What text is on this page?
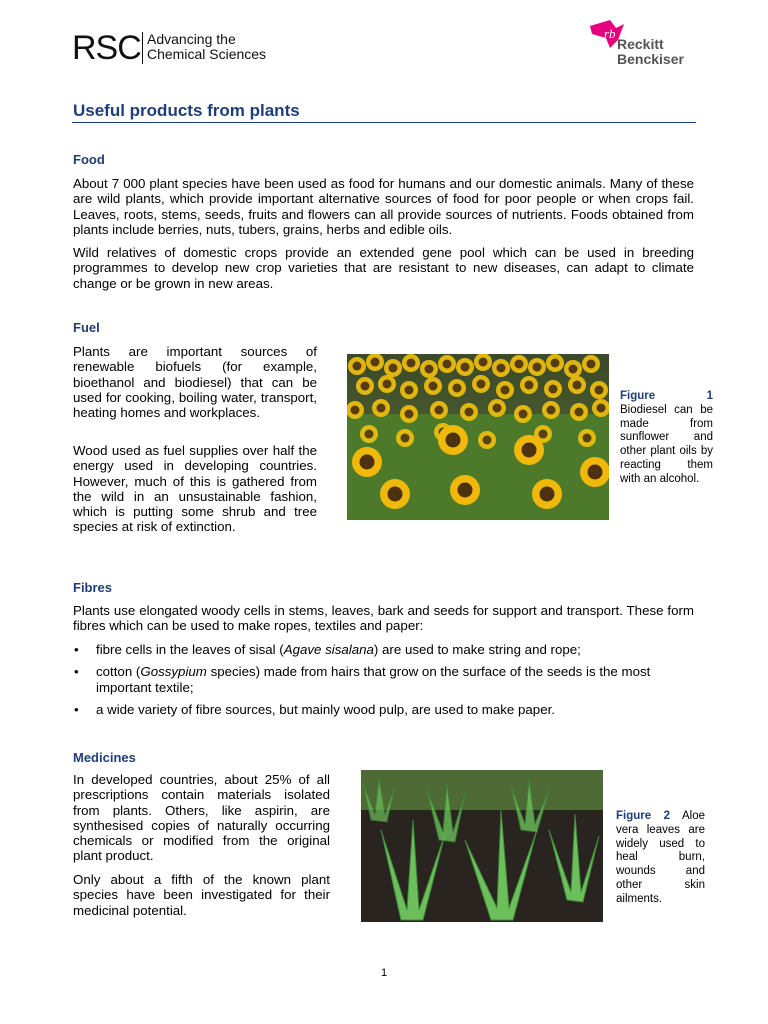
RSC Advancing the
Chemical Sciences
rb
Reckitt
Benckiser
Useful products from plants
Food
About 7 000 plant species have been used as food for humans and our domestic animals. Many of these are wild plants, which provide important alternative sources of food for poor people or when crops fail. Leaves, roots, stems, seeds, fruits and flowers can all provide sources of nutrients. Foods obtained from plants include berries, nuts, tubers, grains, herbs and edible oils.
Wild relatives of domestic crops provide an extended gene pool which can be used in breeding programmes to develop new crop varieties that are resistant to new diseases, can adapt to climate change or be grown in new areas.
Fuel
Plants are important sources of renewable biofuels (for example, bioethanol and biodiesel) that can be used for cooking, boiling water, transport, heating homes and workplaces.
Wood used as fuel supplies over half the energy used in developing countries. However, much of this is gathered from the wild in an unsustainable fashion, which is putting some shrub and tree species at risk of extinction.
Figure 1
Biodiesel can be made from sunflower and other plant oils by reacting them with an alcohol.
Fibres
Plants use elongated woody cells in stems, leaves, bark and seeds for support and transport. These form fibres which can be used to make ropes, textiles and paper:
• fibre cells in the leaves of sisal (Agave sisalana) are used to make string and rope;
• cotton (Gossypium species) made from hairs that grow on the surface of the seeds is the most important textile;
• a wide variety of fibre sources, but mainly wood pulp, are used to make paper.
Medicines
In developed countries, about 25% of all prescriptions contain materials isolated from plants. Others, like aspirin, are synthesised copies of naturally occurring chemicals or modified from the original plant product.
Only about a fifth of the known plant species have been investigated for their medicinal potential.
Figure 2 Aloe vera leaves are widely used to heal burn, wounds and other skin ailments.
1
